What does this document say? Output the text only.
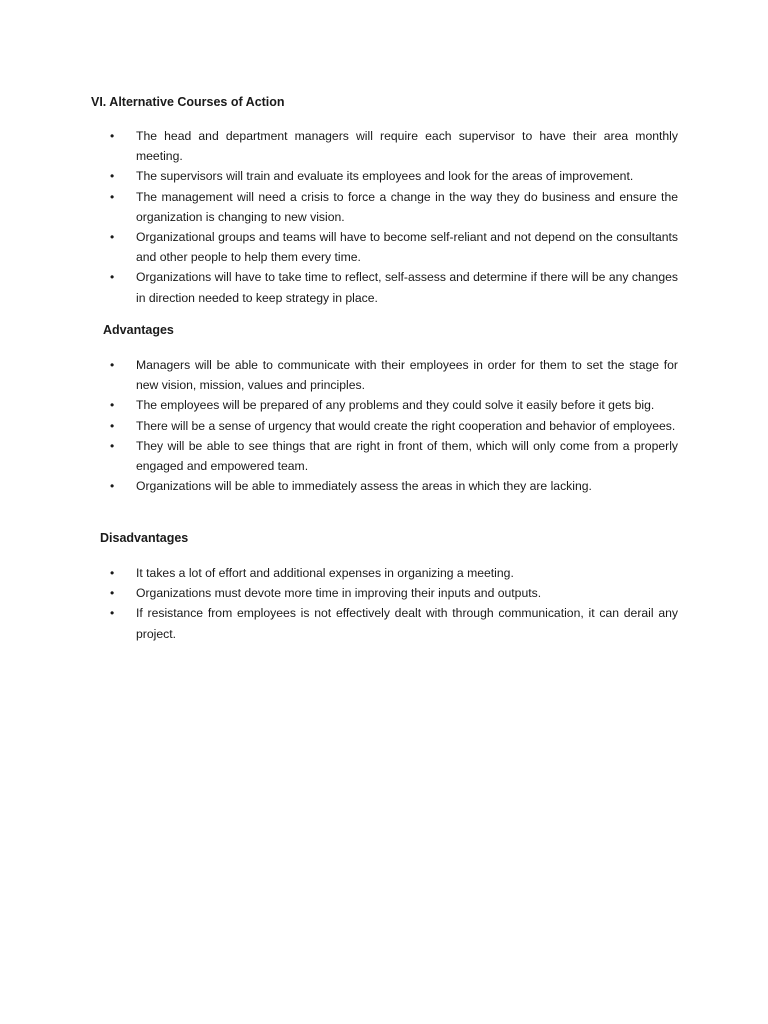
VI. Alternative Courses of Action
•	The head and department managers will require each supervisor to have their area monthly meeting.
•	The supervisors will train and evaluate its employees and look for the areas of improvement.
•	The management will need a crisis to force a change in the way they do business and ensure the organization is changing to new vision.
•	Organizational groups and teams will have to become self-reliant and not depend on the consultants and other people to help them every time.
•	Organizations will have to take time to reflect, self-assess and determine if there will be any changes in direction needed to keep strategy in place.
Advantages
•	Managers will be able to communicate with their employees in order for them to set the stage for new vision, mission, values and principles.
•	The employees will be prepared of any problems and they could solve it easily before it gets big.
•	There will be a sense of urgency that would create the right cooperation and behavior of employees.
•	They will be able to see things that are right in front of them, which will only come from a properly engaged and empowered team.
•	Organizations will be able to immediately assess the areas in which they are lacking.
Disadvantages
•	It takes a lot of effort and additional expenses in organizing a meeting.
•	Organizations must devote more time in improving their inputs and outputs.
•	If resistance from employees is not effectively dealt with through communication, it can derail any project.
